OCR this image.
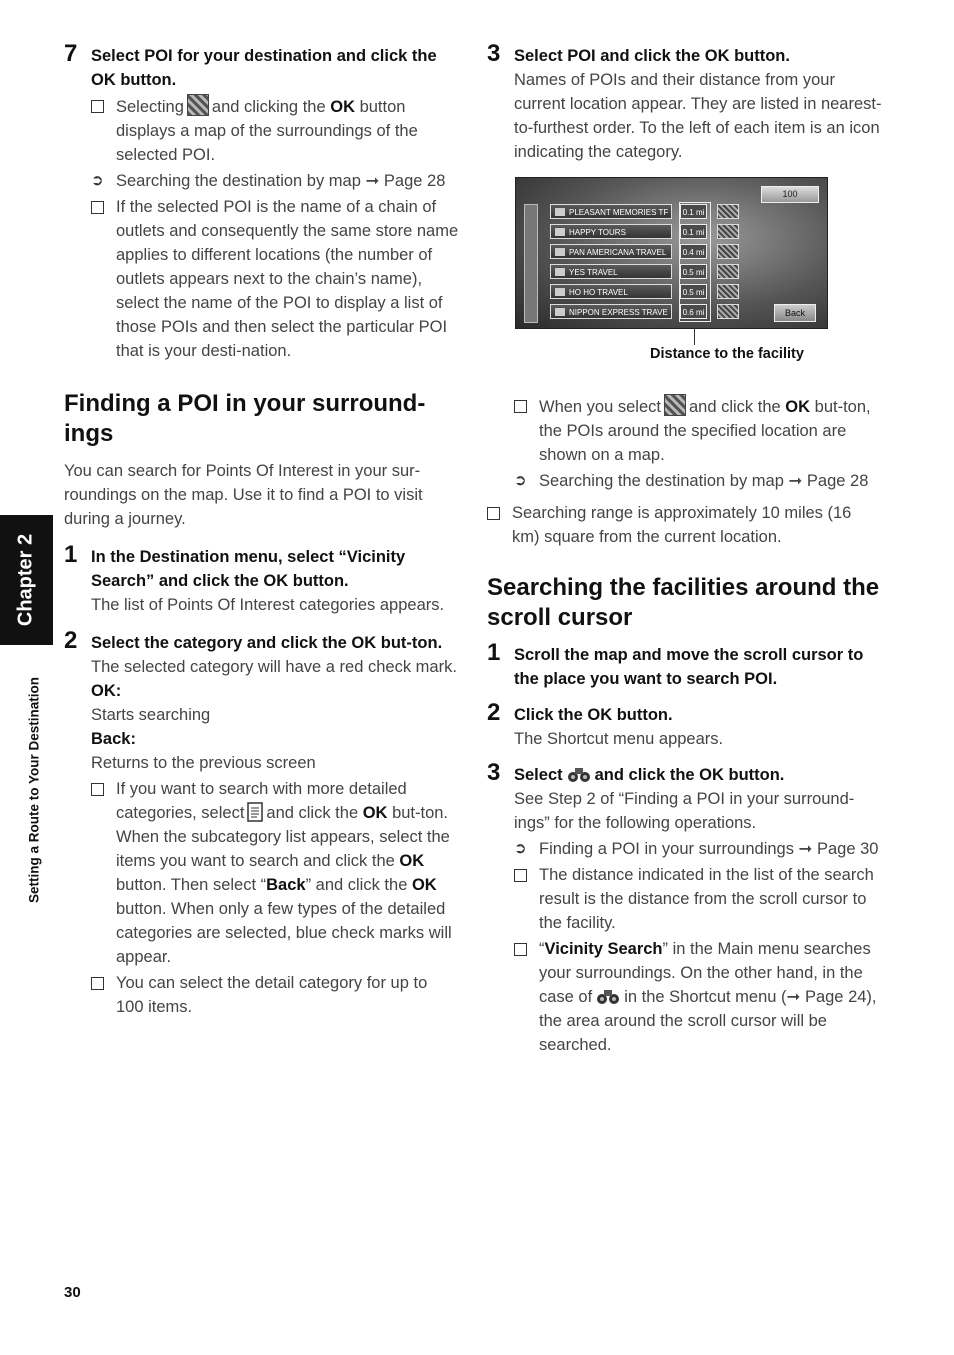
Chapter 2
Setting a Route to Your Destination
7 Select POI for your destination and click the OK button.
Selecting and clicking the OK button displays a map of the surroundings of the selected POI.
➲ Searching the destination by map ➞ Page 28
If the selected POI is the name of a chain of outlets and consequently the same store name applies to different locations (the number of outlets appears next to the chain’s name), select the name of the POI to display a list of those POIs and then select the particular POI that is your desti-nation.
Finding a POI in your surround-ings
You can search for Points Of Interest in your sur-roundings on the map. Use it to find a POI to visit during a journey.
1 In the Destination menu, select “Vicinity Search” and click the OK button.
The list of Points Of Interest categories appears.
2 Select the category and click the OK but-ton.
The selected category will have a red check mark.
OK:
Starts searching
Back:
Returns to the previous screen
If you want to search with more detailed categories, select and click the OK but-ton. When the subcategory list appears, select the items you want to search and click the OK button. Then select “Back” and click the OK button. When only a few types of the detailed categories are selected, blue check marks will appear.
You can select the detail category for up to 100 items.
3 Select POI and click the OK button.
Names of POIs and their distance from your current location appear. They are listed in nearest-to-furthest order. To the left of each item is an icon indicating the category.
When you select and click the OK but-ton, the POIs around the specified location are shown on a map.
➲ Searching the destination by map ➞ Page 28
Searching range is approximately 10 miles (16 km) square from the current location.
Searching the facilities around the scroll cursor
1 Scroll the map and move the scroll cursor to the place you want to search POI.
2 Click the OK button.
The Shortcut menu appears.
3 Select and click the OK button.
See Step 2 of “Finding a POI in your surround-ings” for the following operations.
➲ Finding a POI in your surroundings ➞ Page 30
The distance indicated in the list of the search result is the distance from the scroll cursor to the facility.
“Vicinity Search” in the Main menu searches your surroundings. On the other hand, in the case of in the Shortcut menu (➞ Page 24), the area around the scroll cursor will be searched.
100
PLEASANT MEMORIES TF	0.1 mi
HAPPY TOURS	0.1 mi
PAN AMERICANA TRAVEL	0.4 mi
YES TRAVEL	0.5 mi
HO HO TRAVEL	0.5 mi
NIPPON EXPRESS TRAVE	0.6 mi	Back
Distance to the facility
30
